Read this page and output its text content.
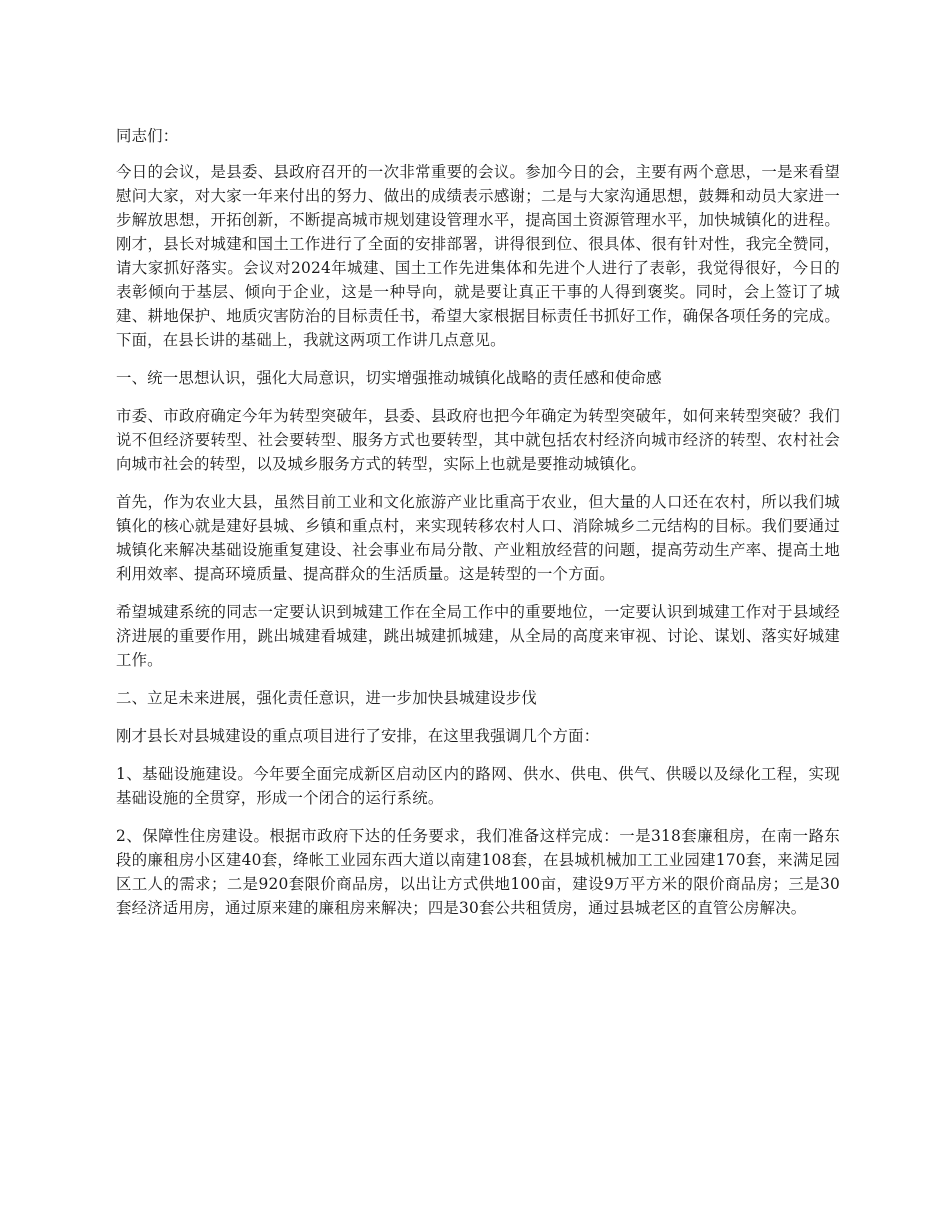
同志们：

今日的会议，是县委、县政府召开的一次非常重要的会议。参加今日的会，主要有两个意思，一是来看望慰问大家，对大家一年来付出的努力、做出的成绩表示感谢；二是与大家沟通思想，鼓舞和动员大家进一步解放思想，开拓创新，不断提高城市规划建设管理水平，提高国土资源管理水平，加快城镇化的进程。刚才，县长对城建和国土工作进行了全面的安排部署，讲得很到位、很具体、很有针对性，我完全赞同，请大家抓好落实。会议对2024年城建、国土工作先进集体和先进个人进行了表彰，我觉得很好，今日的表彰倾向于基层、倾向于企业，这是一种导向，就是要让真正干事的人得到褒奖。同时，会上签订了城建、耕地保护、地质灾害防治的目标责任书，希望大家根据目标责任书抓好工作，确保各项任务的完成。下面，在县长讲的基础上，我就这两项工作讲几点意见。

一、统一思想认识，强化大局意识，切实增强推动城镇化战略的责任感和使命感

市委、市政府确定今年为转型突破年，县委、县政府也把今年确定为转型突破年，如何来转型突破？我们说不但经济要转型、社会要转型、服务方式也要转型，其中就包括农村经济向城市经济的转型、农村社会向城市社会的转型，以及城乡服务方式的转型，实际上也就是要推动城镇化。

首先，作为农业大县，虽然目前工业和文化旅游产业比重高于农业，但大量的人口还在农村，所以我们城镇化的核心就是建好县城、乡镇和重点村，来实现转移农村人口、消除城乡二元结构的目标。我们要通过城镇化来解决基础设施重复建设、社会事业布局分散、产业粗放经营的问题，提高劳动生产率、提高土地利用效率、提高环境质量、提高群众的生活质量。这是转型的一个方面。

希望城建系统的同志一定要认识到城建工作在全局工作中的重要地位，一定要认识到城建工作对于县域经济进展的重要作用，跳出城建看城建，跳出城建抓城建，从全局的高度来审视、讨论、谋划、落实好城建工作。

二、立足未来进展，强化责任意识，进一步加快县城建设步伐

刚才县长对县城建设的重点项目进行了安排，在这里我强调几个方面：

1、基础设施建设。今年要全面完成新区启动区内的路网、供水、供电、供气、供暖以及绿化工程，实现基础设施的全贯穿，形成一个闭合的运行系统。

2、保障性住房建设。根据市政府下达的任务要求，我们准备这样完成：一是318套廉租房，在南一路东段的廉租房小区建40套，绛帐工业园东西大道以南建108套，在县城机械加工工业园建170套，来满足园区工人的需求；二是920套限价商品房，以出让方式供地100亩，建设9万平方米的限价商品房；三是30套经济适用房，通过原来建的廉租房来解决；四是30套公共租赁房，通过县城老区的直管公房解决。
